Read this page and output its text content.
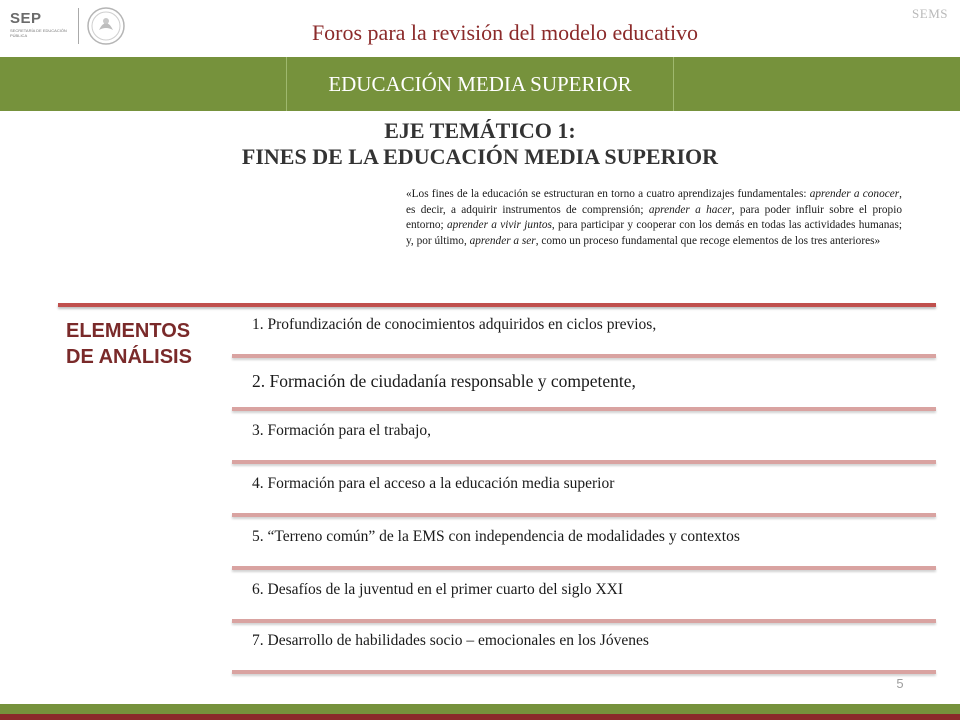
SEP
SECRETARÍA DE EDUCACIÓN PÚBLICA	Foros para la revisión del modelo educativo
SEMS
EDUCACIÓN MEDIA SUPERIOR
EJE TEMÁTICO 1:
FINES DE LA EDUCACIÓN MEDIA SUPERIOR
«Los fines de la educación se estructuran en torno a cuatro aprendizajes fundamentales: aprender a conocer, es decir, a adquirir instrumentos de comprensión; aprender a hacer, para poder influir sobre el propio entorno; aprender a vivir juntos, para participar y cooperar con los demás en todas las actividades humanas; y, por último, aprender a ser, como un proceso fundamental que recoge elementos de los tres anteriores»
ELEMENTOS
DE ANÁLISIS
1. Profundización de conocimientos adquiridos en ciclos previos,
2. Formación de ciudadanía responsable y competente,
3. Formación para el trabajo,
4. Formación para el acceso a la educación media superior
5. “Terreno común” de la EMS con independencia de modalidades y contextos
6. Desafíos de la juventud en el primer cuarto del siglo XXI
7. Desarrollo de habilidades socio – emocionales en los Jóvenes
5
